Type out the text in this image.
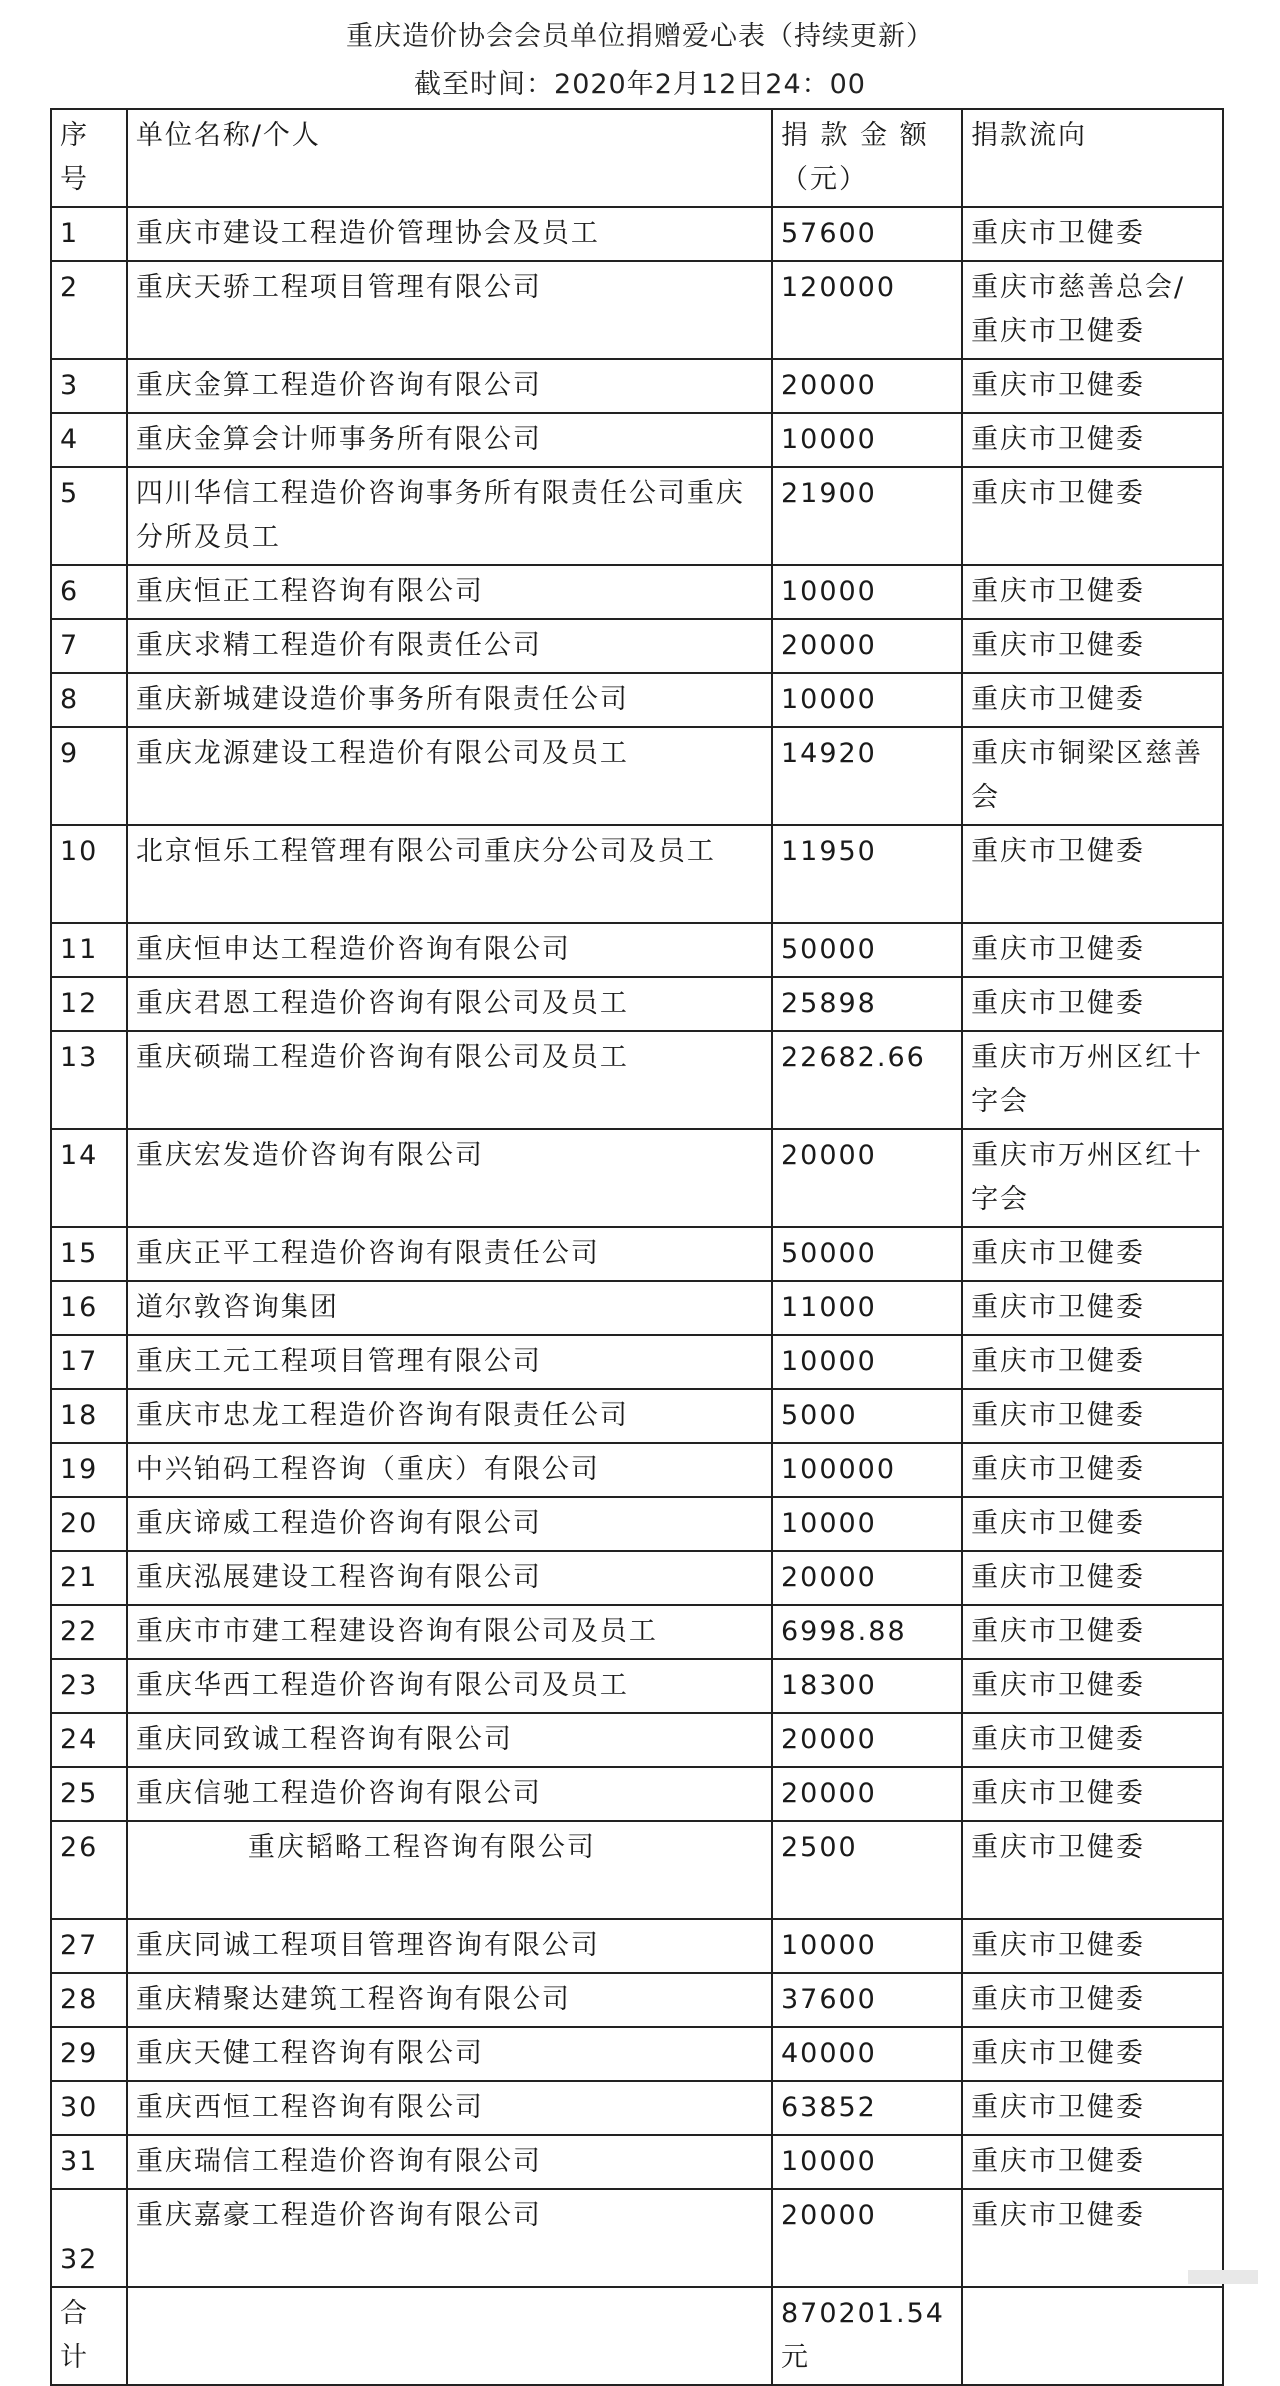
重庆造价协会会员单位捐赠爱心表（持续更新）
截至时间：2020年2月12日24：00
序号	单位名称/个人	捐 款 金 额（元）	捐款流向
1	重庆市建设工程造价管理协会及员工	57600	重庆市卫健委
2	重庆天骄工程项目管理有限公司	120000	重庆市慈善总会/重庆市卫健委
3	重庆金算工程造价咨询有限公司	20000	重庆市卫健委
4	重庆金算会计师事务所有限公司	10000	重庆市卫健委
5	四川华信工程造价咨询事务所有限责任公司重庆分所及员工	21900	重庆市卫健委
6	重庆恒正工程咨询有限公司	10000	重庆市卫健委
7	重庆求精工程造价有限责任公司	20000	重庆市卫健委
8	重庆新城建设造价事务所有限责任公司	10000	重庆市卫健委
9	重庆龙源建设工程造价有限公司及员工	14920	重庆市铜梁区慈善会
10	北京恒乐工程管理有限公司重庆分公司及员工	11950	重庆市卫健委
11	重庆恒申达工程造价咨询有限公司	50000	重庆市卫健委
12	重庆君恩工程造价咨询有限公司及员工	25898	重庆市卫健委
13	重庆硕瑞工程造价咨询有限公司及员工	22682.66	重庆市万州区红十字会
14	重庆宏发造价咨询有限公司	20000	重庆市万州区红十字会
15	重庆正平工程造价咨询有限责任公司	50000	重庆市卫健委
16	道尔敦咨询集团	11000	重庆市卫健委
17	重庆工元工程项目管理有限公司	10000	重庆市卫健委
18	重庆市忠龙工程造价咨询有限责任公司	5000	重庆市卫健委
19	中兴铂码工程咨询（重庆）有限公司	100000	重庆市卫健委
20	重庆谛威工程造价咨询有限公司	10000	重庆市卫健委
21	重庆泓展建设工程咨询有限公司	20000	重庆市卫健委
22	重庆市市建工程建设咨询有限公司及员工	6998.88	重庆市卫健委
23	重庆华西工程造价咨询有限公司及员工	18300	重庆市卫健委
24	重庆同致诚工程咨询有限公司	20000	重庆市卫健委
25	重庆信驰工程造价咨询有限公司	20000	重庆市卫健委
26	重庆韬略工程咨询有限公司	2500	重庆市卫健委
27	重庆同诚工程项目管理咨询有限公司	10000	重庆市卫健委
28	重庆精聚达建筑工程咨询有限公司	37600	重庆市卫健委
29	重庆天健工程咨询有限公司	40000	重庆市卫健委
30	重庆西恒工程咨询有限公司	63852	重庆市卫健委
31	重庆瑞信工程造价咨询有限公司	10000	重庆市卫健委
32	重庆嘉豪工程造价咨询有限公司	20000	重庆市卫健委
合计		870201.54元	
